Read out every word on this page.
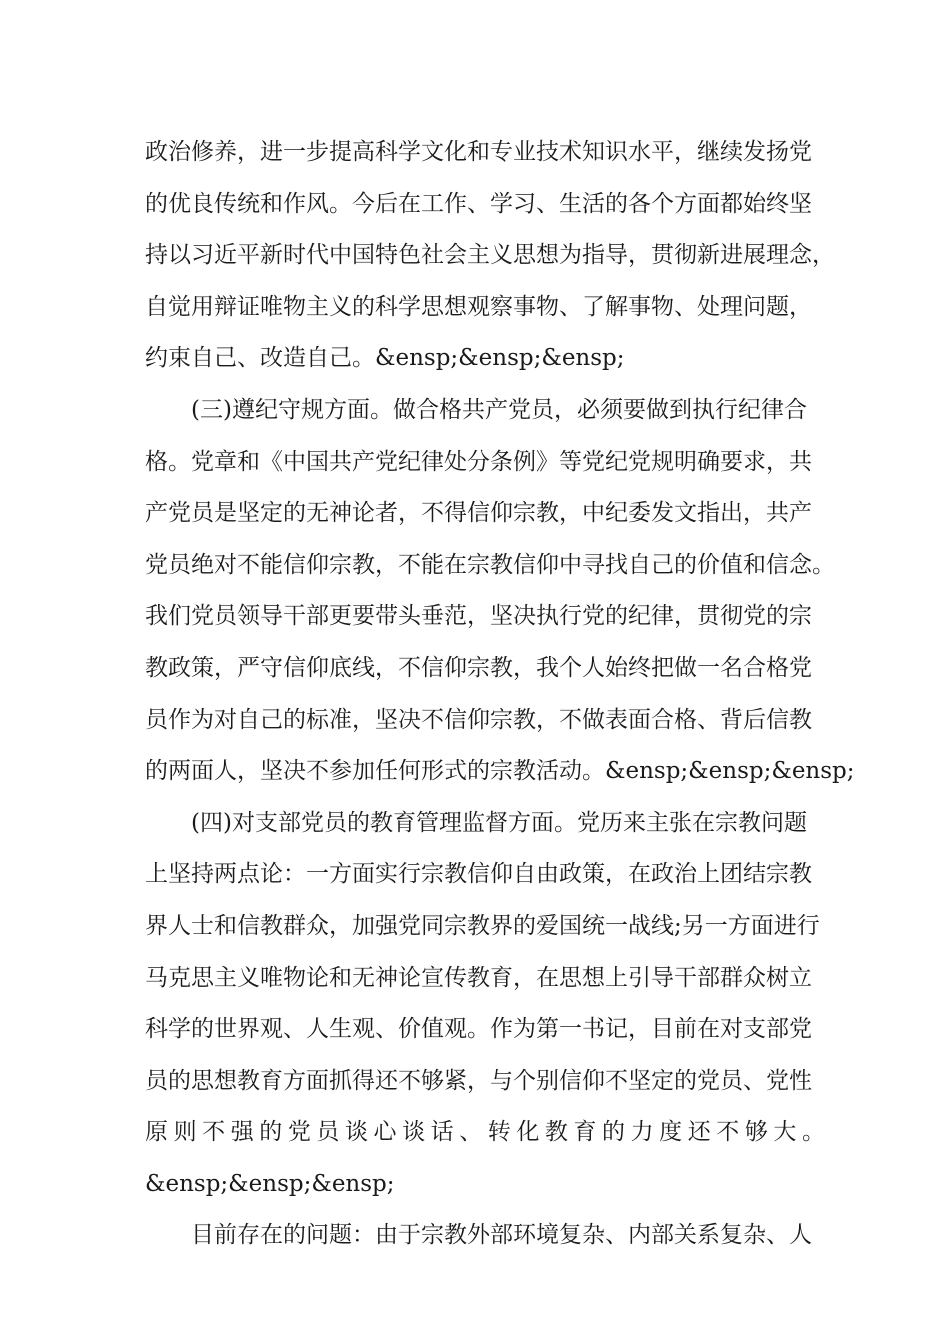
政治修养，进一步提高科学文化和专业技术知识水平，继续发扬党
的优良传统和作风。今后在工作、学习、生活的各个方面都始终坚
持以习近平新时代中国特色社会主义思想为指导，贯彻新进展理念，
自觉用辩证唯物主义的科学思想观察事物、了解事物、处理问题，
约束自己、改造自己。&ensp;&ensp;&ensp;
(三)遵纪守规方面。做合格共产党员，必须要做到执行纪律合
格。党章和《中国共产党纪律处分条例》等党纪党规明确要求，共
产党员是坚定的无神论者，不得信仰宗教，中纪委发文指出，共产
党员绝对不能信仰宗教，不能在宗教信仰中寻找自己的价值和信念。
我们党员领导干部更要带头垂范，坚决执行党的纪律，贯彻党的宗
教政策，严守信仰底线，不信仰宗教，我个人始终把做一名合格党
员作为对自己的标准，坚决不信仰宗教，不做表面合格、背后信教
的两面人，坚决不参加任何形式的宗教活动。&ensp;&ensp;&ensp;
(四)对支部党员的教育管理监督方面。党历来主张在宗教问题
上坚持两点论：一方面实行宗教信仰自由政策，在政治上团结宗教
界人士和信教群众，加强党同宗教界的爱国统一战线;另一方面进行
马克思主义唯物论和无神论宣传教育，在思想上引导干部群众树立
科学的世界观、人生观、价值观。作为第一书记，目前在对支部党
员的思想教育方面抓得还不够紧，与个别信仰不坚定的党员、党性
原则不强的党员谈心谈话、转化教育的力度还不够大。
&ensp;&ensp;&ensp;
目前存在的问题：由于宗教外部环境复杂、内部关系复杂、人
